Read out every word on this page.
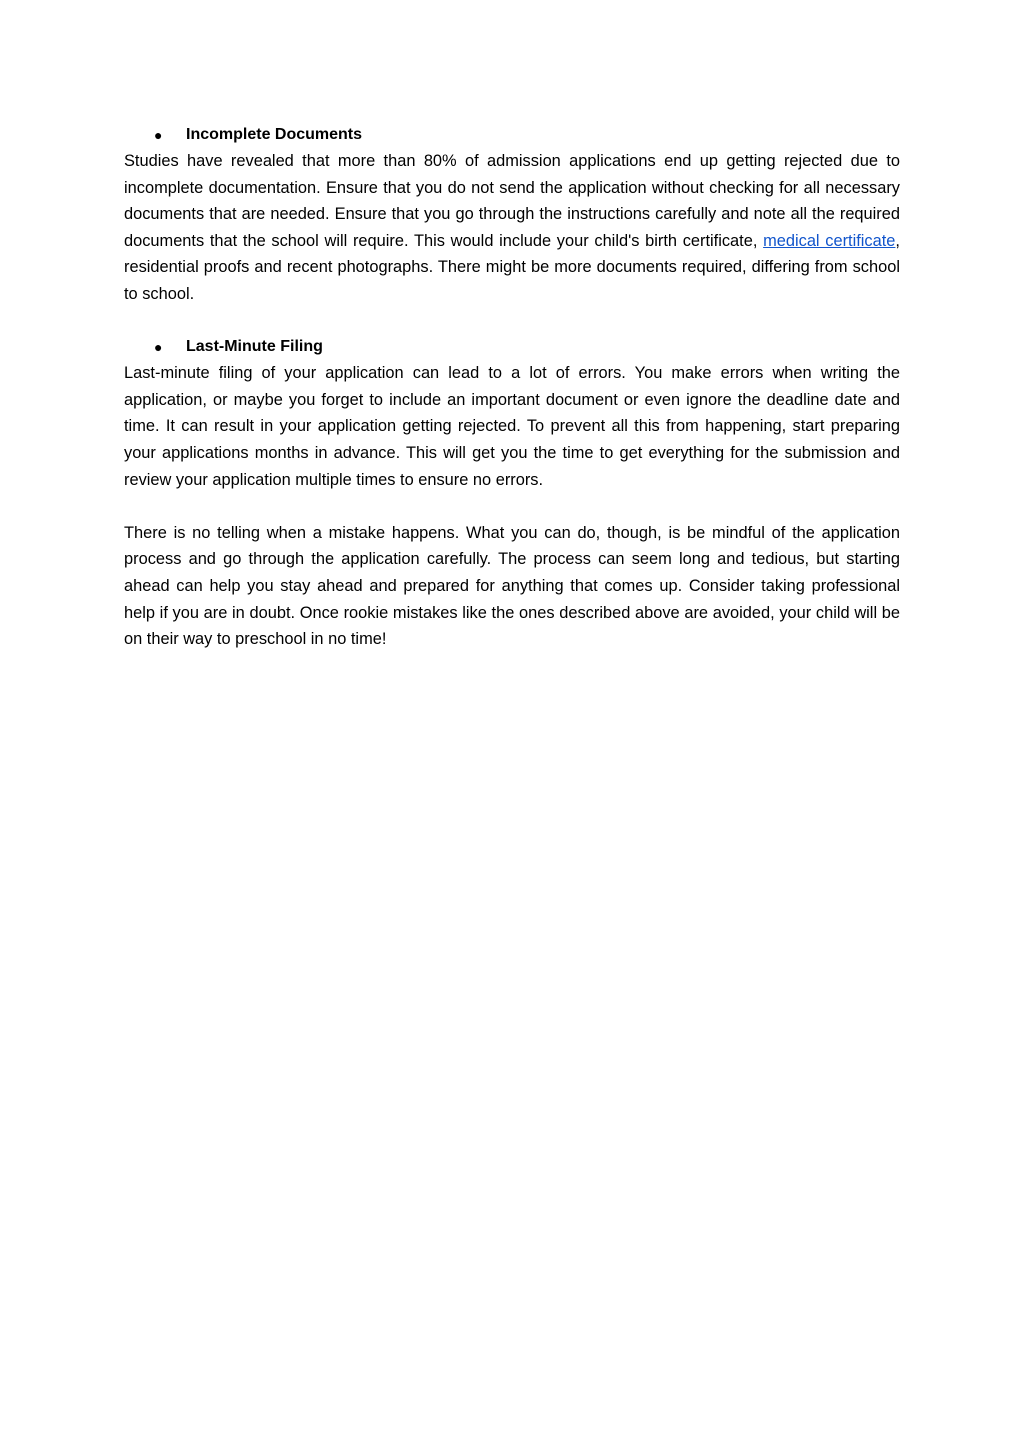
●	Incomplete Documents

Studies have revealed that more than 80% of admission applications end up getting rejected due to incomplete documentation. Ensure that you do not send the application without checking for all necessary documents that are needed. Ensure that you go through the instructions carefully and note all the required documents that the school will require. This would include your child's birth certificate, medical certificate, residential proofs and recent photographs. There might be more documents required, differing from school to school.

●	Last-Minute Filing

Last-minute filing of your application can lead to a lot of errors. You make errors when writing the application, or maybe you forget to include an important document or even ignore the deadline date and time. It can result in your application getting rejected. To prevent all this from happening, start preparing your applications months in advance. This will get you the time to get everything for the submission and review your application multiple times to ensure no errors.

There is no telling when a mistake happens. What you can do, though, is be mindful of the application process and go through the application carefully. The process can seem long and tedious, but starting ahead can help you stay ahead and prepared for anything that comes up. Consider taking professional help if you are in doubt. Once rookie mistakes like the ones described above are avoided, your child will be on their way to preschool in no time!
